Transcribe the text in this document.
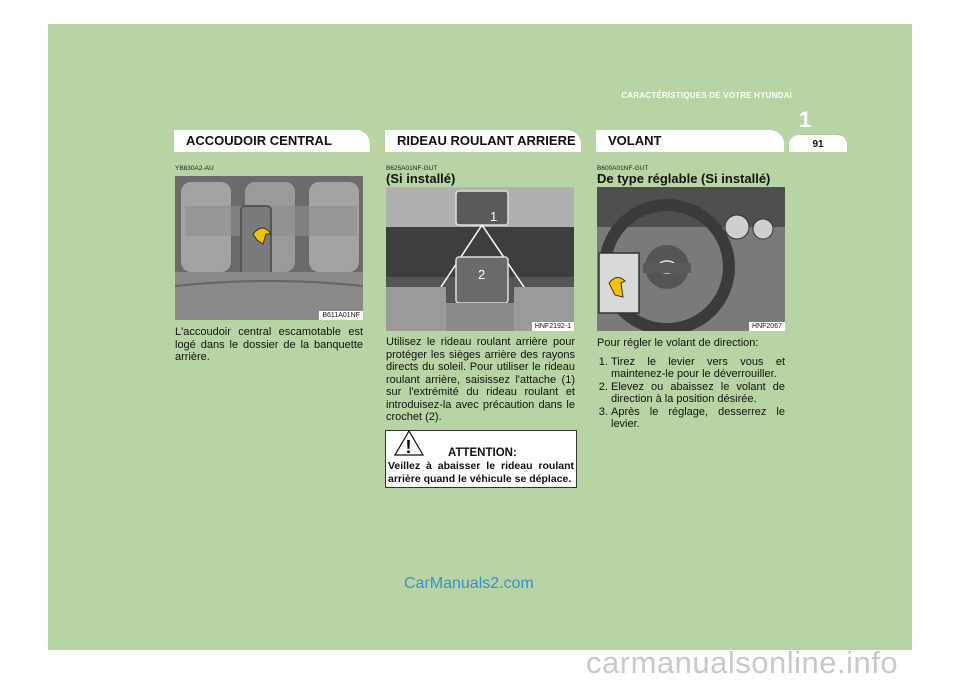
CARACTÉRISTIQUES DE VOTRE HYUNDAI
1
91
ACCOUDOIR CENTRAL	RIDEAU ROULANT ARRIERE	VOLANT
YB830A2-AU
B611A01NF
L'accoudoir central escamotable est logé dans le dossier de la banquette arrière.
B625A01NF-GUT
(Si installé)
1
2
HNF2192-1
Utilisez le rideau roulant arrière pour protéger les sièges arrière des rayons directs du soleil. Pour utiliser le rideau roulant arrière, saisissez l'attache (1) sur l'extrémité du rideau roulant et introduisez-la avec précaution dans le crochet (2).
!	ATTENTION:
Veillez à abaisser le rideau roulant arrière quand le véhicule se déplace.
B600A01NF-GUT
De type réglable (Si installé)
HNF2067
Pour régler le volant de direction:
1. Tirez le levier vers vous et maintenez-le pour le déverrouiller.
2. Elevez ou abaissez le volant de direction à la position désirée.
3. Après le réglage, desserrez le levier.
CarManuals2.com
carmanualsonline.info
